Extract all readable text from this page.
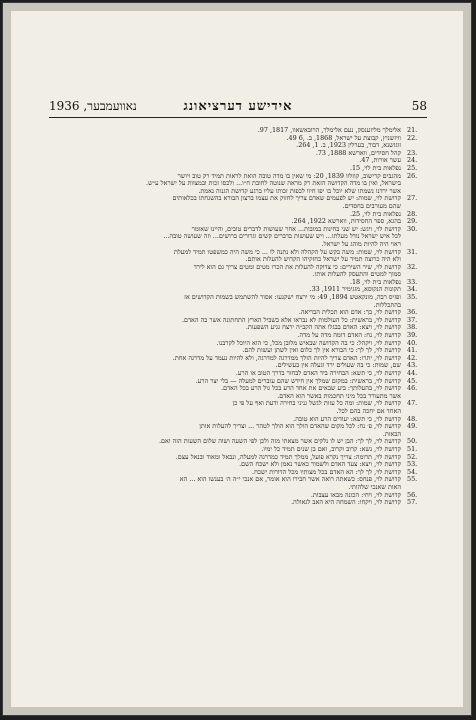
נאוועמבער, 1936	אידישע דערציאונג	58
21.
אלימלך מליזענסק, נעם אלימלך, הרובאשאוו, 1817, 97.
22.
וויזשניץ, קבוצת על ישראל, 1868, ב. ,6 49.
זוגזשנא, דבור, בערלין 1923, ב. 1, 264.
23.
קהל חסידים, ווארשא 1888, 73.
24.
עשר אורות, 47.
25.
נפלאות בית לוי, 15.
26.
מהגבים קרישוב, קוזלוו 1839, 20: מי שאין בו מדה טובה הואת לראות תמיד רק טוב ויושר
בישראל, ואין בו מדה הקדושה הזאת רק מראה שנוטה לחובת ח״ו... ולכסו זכות ובמצוות על ישראל ע״ש.
אשר ירדנו נשמתו שלא יוכל בו יפו חיוו לכפות זכותו עליו ברגע קדושת הגנוה נאמת.
27.
קדושת לוי, שמות: יש לפעמים שאדם צריך לחזוק את עצמו ברצון הבורא בהשגחתו בכלאותים
שהם מעורבים בחסדים.
28.
נפלאות בית לוי, 25.
29.
בהגא, ספר החסידות, ווארשא 1922, 264.
30.
קדושת לוי, ויגש: יש שני בחינות במובות... אחר שעושות לדברים טובים, והיינו שאומר
לכל איש ישראל נודל מעלתו... ויש שעושות בדברים קשים וגרורים ברושים... וזה שעושה טובה...
ראוי היה להיות מוהג על ישראל.
31.
קדושת לוי, שמות: משה בקש על הקהלה ולא נתנה לו ... כי משה היה כמשפטו תמיד למעלת
ולא היה כרוצה תמיד על ישראל כחזקיהו הקדוש להעלות אותם.
32.
קדושת לוי, שיר השירים: כי צדוקה להעלות את הכרו מטים ומטים צריך גם הוא לירד
סמוך למטים והתעסק להעלות אותו.
33.
נפלאות בית לוי, 18.
34.
תקונות הנקוסא, מזגימיר 1911, 33.
35.
ופזיס רבה, מונקאטש 1894, 49: מי ירצח ישקנעו: אסור להשתמש בשמות הקדושים אז
בהתכללות.
36.
קדושת לוי, בך: אדם הוא תכלית הבריאה.
37.
קדושת לוי, בראשית: כל העולמות לא נבראו אלא בשביל הארץ התחתונה אשר בה האדם.
38.
קדושת לוי, ויצא: האדם בבגלו אתה הקב״ה ירצח גגיע השפעות.
39.
קדושת לוי, נח: האדם דומה מדה על מדה.
40.
קדושת לוי, ויקהל: כי בה הקדושה שבאיש מלובן מכל, כי הוא היוכל לקרבנו.
41.
קדושת לוי, לך לך: כי הבורא אין לך כלום ואין לשתן ועשות להם.
42.
קדושת לוי, יתרו: האדם צריך להיות הולך ממדרגה למדרגה, ולא להיות נעמד על מדרגה אחת.
43.
שם, שמות: כי בה שעולים ירד וגעלה אין בעשילים.
44.
קדושת לוי, כי תשא: הבחירה ביד האדם לבחור בדרך הטוב או הרע.
45.
קדושת לוי, בראשית: במקום שמלך אין חידש שהם עוברים למעלה — בלי יצר הרע.
46.
קדושת לוי, בהעלותך: ביע שבאים את אחד הרע בכל גול הרע בכל האדם.
אשר מתעורר בכל מיני תחכמות באשר הוא האדם.
47.
קדושת לוי, שמות: ומה כל עזות לגשל גניני בחירה ודעת ואף על פי כן
האחד אם יחכה בהם לכל.
48.
קדושת לוי, כי תשא: יעודים הרע הוא טובה.
49.
קדושת לוי, פ׳ נח: לכל מקום שהאדם הולך הוא הולך לטהר ... וצריך להעלות אותן
הבאות.
50.
קדושת לוי, לך לך: הבן יש לו נלקים אשר מצאתי מזה ולכן לפי השעה ושוה שלום השעות הזה ואם.
51.
קדושת לוי, נשא: קרוב וקרוב, ואם בן שנים תמיד כל ימיו.
52.
קדושת לוי, תרומה: צריך נקרא פועל, ממלך תמיד כמדרגה למעלה, ונבאל ומאוד ובנאל עצם.
53.
קדושת לוי, ויצא: צעד האדם ולשמור כאשר נאמן ולא ישכח השם.
54.
קדושת לוי, לך לך: הא האדם בכל מצותיו מכל הדורות ישכח.
55.
קדושת לוי, פנחס: כשאתה רואה אשר חבירו הוא אומר, אם אנכי י״ה ה׳ בענשו הוא ... הא
האות שאנכי שלהותי.
56.
קדושת לוי, ויחי: הכונה מבאו עצבות.
57.
קדושת לוי, ויקחו: השמחה היא האב לגאולה.
